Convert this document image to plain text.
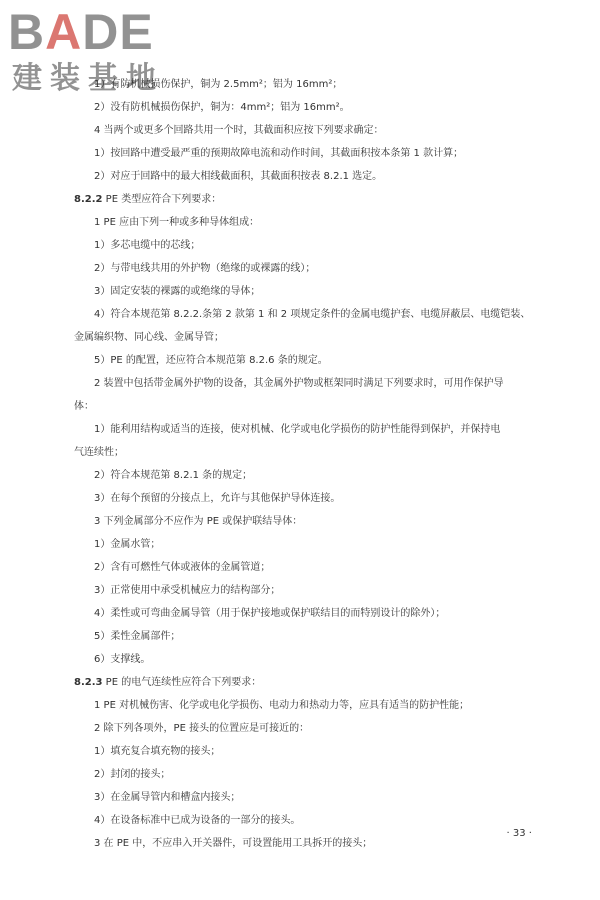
BADE
建装基地
1）有防机械损伤保护，铜为 2.5mm²；铝为 16mm²；
2）没有防机械损伤保护，铜为：4mm²；铝为 16mm²。
4 当两个或更多个回路共用一个时，其截面积应按下列要求确定：
1）按回路中遭受最严重的预期故障电流和动作时间，其截面积按本条第 1 款计算；
2）对应于回路中的最大相线截面积，其截面积按表 8.2.1 选定。
8.2.2 PE 类型应符合下列要求：
1 PE 应由下列一种或多种导体组成：
1）多芯电缆中的芯线；
2）与带电线共用的外护物（绝缘的或裸露的线）；
3）固定安装的裸露的或绝缘的导体；
4）符合本规范第 8.2.2.条第 2 款第 1 和 2 项规定条件的金属电缆护套、电缆屏蔽层、电缆铠装、
金属编织物、同心线、金属导管；
5）PE 的配置，还应符合本规范第 8.2.6 条的规定。
2 装置中包括带金属外护物的设备，其金属外护物或框架同时满足下列要求时，可用作保护导
体：
1）能利用结构或适当的连接，使对机械、化学或电化学损伤的防护性能得到保护，并保持电
气连续性；
2）符合本规范第 8.2.1 条的规定；
3）在每个预留的分接点上，允许与其他保护导体连接。
3 下列金属部分不应作为 PE 或保护联结导体：
1）金属水管；
2）含有可燃性气体或液体的金属管道；
3）正常使用中承受机械应力的结构部分；
4）柔性或可弯曲金属导管（用于保护接地或保护联结目的而特别设计的除外）；
5）柔性金属部件；
6）支撑线。
8.2.3 PE 的电气连续性应符合下列要求：
1 PE 对机械伤害、化学或电化学损伤、电动力和热动力等，应具有适当的防护性能；
2 除下列各项外，PE 接头的位置应是可接近的：
1）填充复合填充物的接头；
2）封闭的接头；
3）在金属导管内和槽盒内接头；
4）在设备标准中已成为设备的一部分的接头。
3 在 PE 中，不应串入开关器件，可设置能用工具拆开的接头；
· 33 ·
